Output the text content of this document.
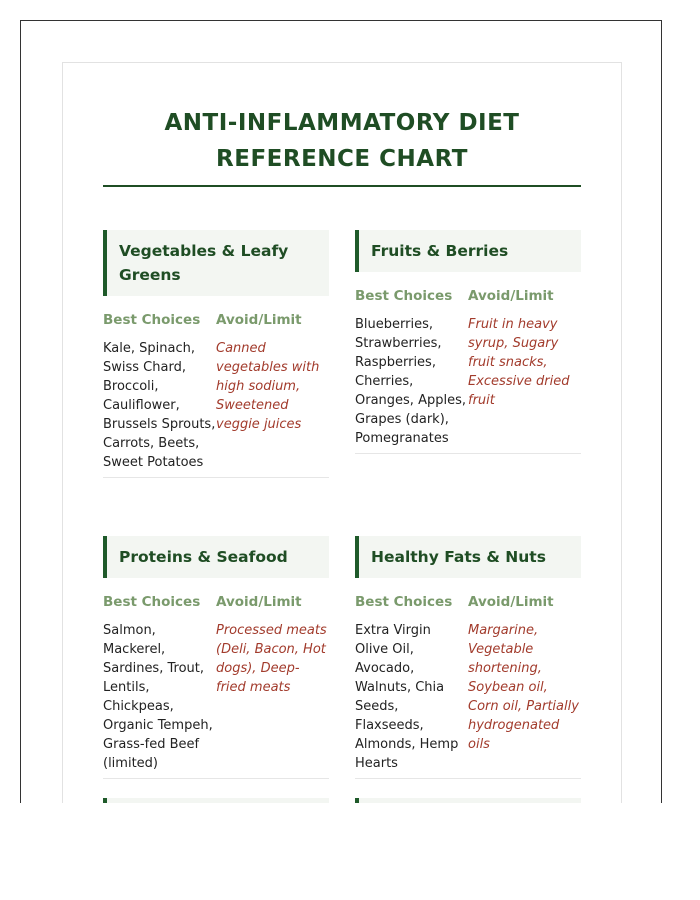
ANTI-INFLAMMATORY DIET
REFERENCE CHART
Vegetables & Leafy Greens
Best Choices
Kale, Spinach, Swiss Chard, Broccoli, Cauliflower, Brussels Sprouts, Carrots, Beets, Sweet Potatoes
Avoid/Limit
Canned vegetables with high sodium, Sweetened veggie juices
Fruits & Berries
Best Choices
Blueberries, Strawberries, Raspberries, Cherries, Oranges, Apples, Grapes (dark), Pomegranates
Avoid/Limit
Fruit in heavy syrup, Sugary fruit snacks, Excessive dried fruit
Proteins & Seafood
Best Choices
Salmon, Mackerel, Sardines, Trout, Lentils, Chickpeas, Organic Tempeh, Grass-fed Beef (limited)
Avoid/Limit
Processed meats (Deli, Bacon, Hot dogs), Deep-fried meats
Healthy Fats & Nuts
Best Choices
Extra Virgin Olive Oil, Avocado, Walnuts, Chia Seeds, Flaxseeds, Almonds, Hemp Hearts
Avoid/Limit
Margarine, Vegetable shortening, Soybean oil, Corn oil, Partially hydrogenated oils
